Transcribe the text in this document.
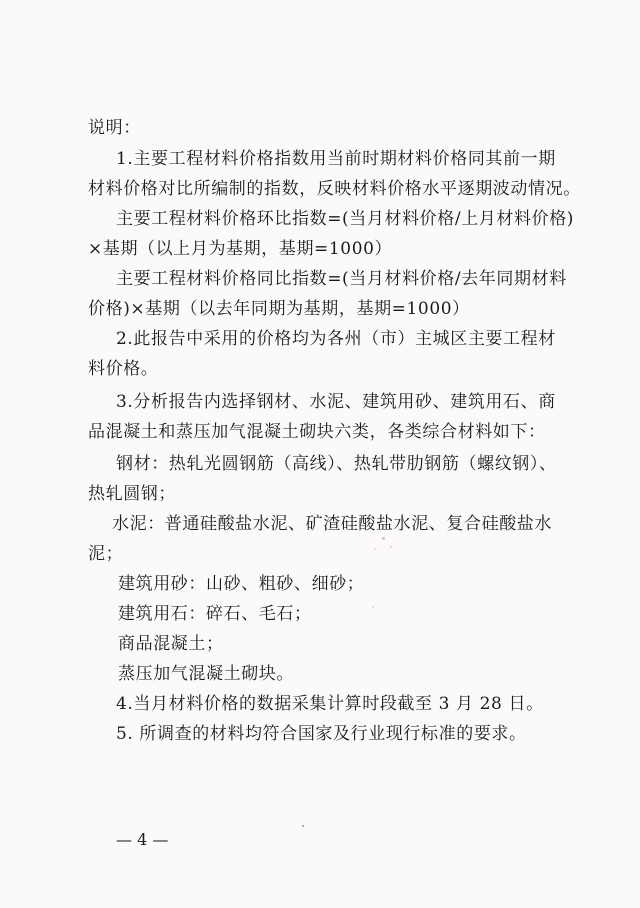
说明：
1.主要工程材料价格指数用当前时期材料价格同其前一期
材料价格对比所编制的指数，反映材料价格水平逐期波动情况。
主要工程材料价格环比指数=(当月材料价格/上月材料价格)
×基期（以上月为基期，基期=1000）
主要工程材料价格同比指数=(当月材料价格/去年同期材料
价格)×基期（以去年同期为基期，基期=1000）
2.此报告中采用的价格均为各州（市）主城区主要工程材
料价格。
3.分析报告内选择钢材、水泥、建筑用砂、建筑用石、商
品混凝土和蒸压加气混凝土砌块六类，各类综合材料如下：
钢材：热轧光圆钢筋（高线）、热轧带肋钢筋（螺纹钢）、
热轧圆钢；
水泥：普通硅酸盐水泥、矿渣硅酸盐水泥、复合硅酸盐水
泥；
建筑用砂：山砂、粗砂、细砂；
建筑用石：碎石、毛石；
商品混凝土；
蒸压加气混凝土砌块。
4.当月材料价格的数据采集计算时段截至 3 月 28 日。
5. 所调查的材料均符合国家及行业现行标准的要求。
— 4 —
